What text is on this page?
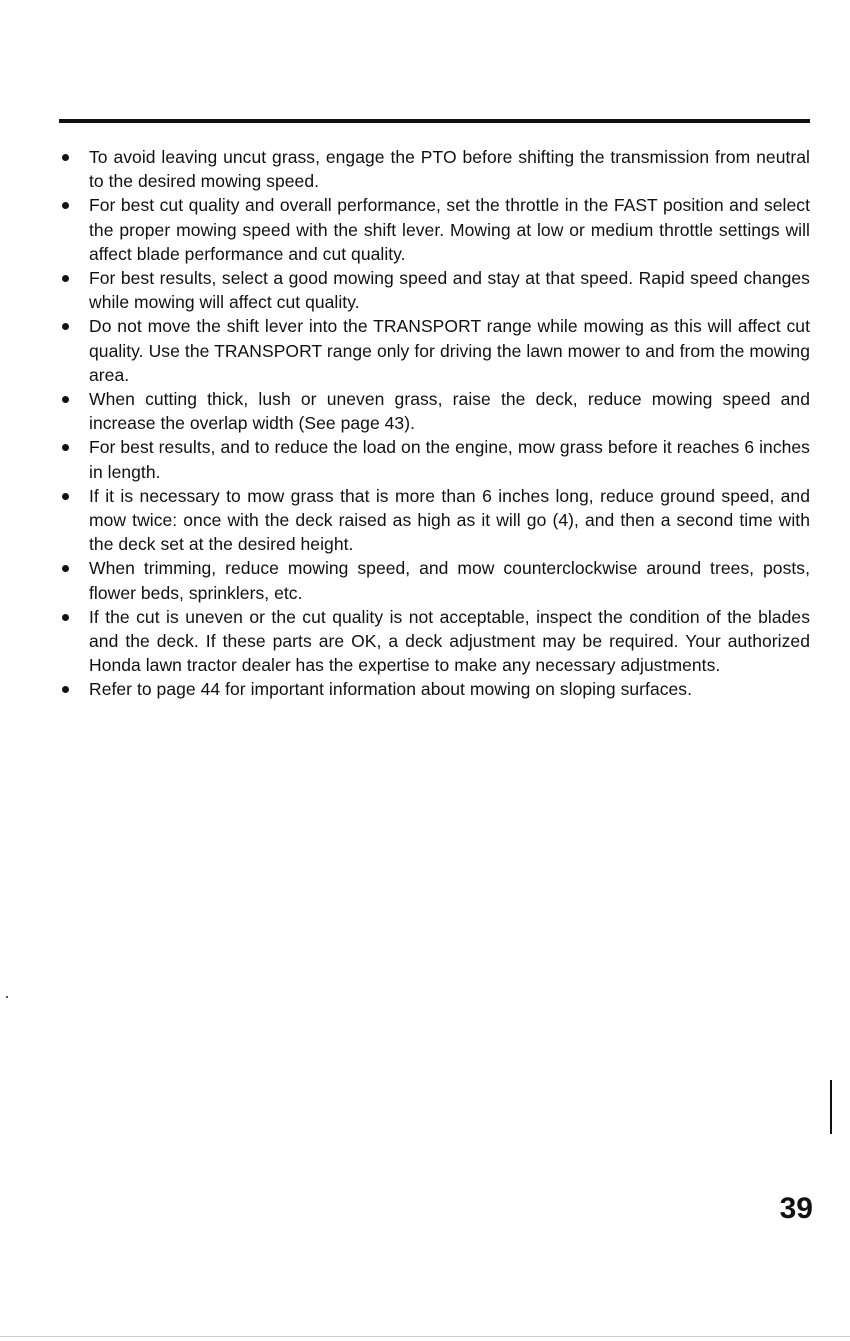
To avoid leaving uncut grass, engage the PTO before shifting the transmission from neutral to the desired mowing speed.
For best cut quality and overall performance, set the throttle in the FAST position and select the proper mowing speed with the shift lever. Mowing at low or medium throttle settings will affect blade performance and cut quality.
For best results, select a good mowing speed and stay at that speed. Rapid speed changes while mowing will affect cut quality.
Do not move the shift lever into the TRANSPORT range while mowing as this will affect cut quality. Use the TRANSPORT range only for driving the lawn mower to and from the mowing area.
When cutting thick, lush or uneven grass, raise the deck, reduce mowing speed and increase the overlap width (See page 43).
For best results, and to reduce the load on the engine, mow grass before it reaches 6 inches in length.
If it is necessary to mow grass that is more than 6 inches long, reduce ground speed, and mow twice: once with the deck raised as high as it will go (4), and then a second time with the deck set at the desired height.
When trimming, reduce mowing speed, and mow counterclockwise around trees, posts, flower beds, sprinklers, etc.
If the cut is uneven or the cut quality is not acceptable, inspect the condition of the blades and the deck. If these parts are OK, a deck adjustment may be required. Your authorized Honda lawn tractor dealer has the expertise to make any necessary adjustments.
Refer to page 44 for important information about mowing on sloping surfaces.
39
